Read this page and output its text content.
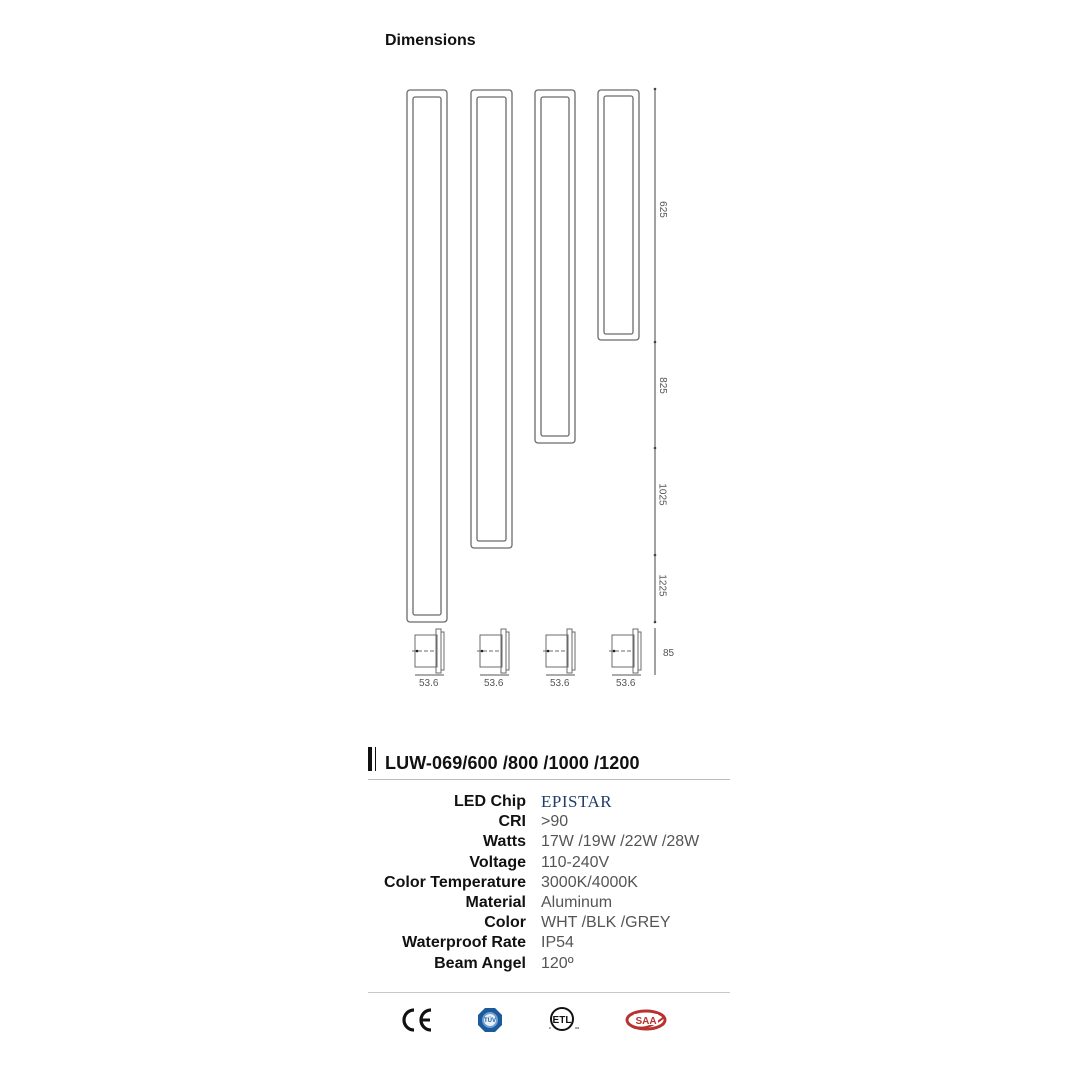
Dimensions
625
825
1025
1225
85
53.6	53.6	53.6	53.6
LUW-069/600 /800 /1000 /1200
LED Chip EPISTAR
CRI >90
Watts 17W /19W /22W /28W
Voltage 110-240V
Color Temperature 3000K/4000K
Material Aluminum
Color WHT /BLK /GREY
Waterproof Rate IP54
Beam Angel 120º
TÜV	ETL
c	us
SAA
